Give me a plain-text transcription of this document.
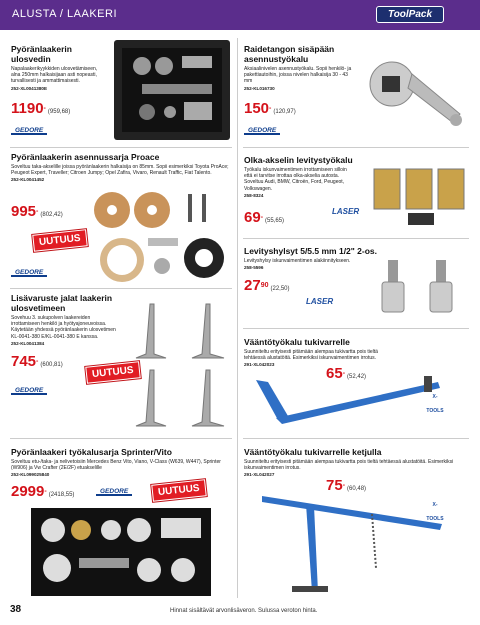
ALUSTA / LAAKERI	ToolPack
Pyöränlaakerin ulosvedin

Napalaakerikyykkiden ulosvetämiseen, alna 250mm halkaisijaan asti nopeasti, turvallisesti ja ammattimaisesti.

252-XL0041380E

1190- (959,68)
GEDORE
Raidetangon sisäpään asennustyökalu

Aksiaalinivelen asennustyökalu. Sopii henkilö- ja pakettiautoihin, joissa nivelen halkaisija 30 - 43 mm

252-KL016730

150- (120,97)
GEDORE
Pyöränlaakerin asennussarja Proace

Soveltuu taka-akselille joissa pyöränlaakerin halkaisija on 85mm. Sopii esimerkiksi Toyota ProAce; Peugeot Expert, Traveller; Citroen Jumpy; Opel Zafira, Vivaro, Renault Traffic, Fiat Talento.

252-KL0041452

995- (802,42)
UUTUUS
GEDORE
Olka-akselin levitystyökalu

Työkalu iskunvaimentimen irrottamiseen silloin että ei tarvitse irrottaa olka-akselia autosta. Soveltuu Audi, BMW, Citroën, Ford, Peugeot, Volkswagen.

258-8324

69- (55,65)
LASER
Levityshylsyt 5/5.5 mm 1/2" 2-os.

Levityshylsy iskunvaimentimen alakiinnitykseen.

258-5596

$27^{90}$ (22,50)
LASER
Lisävaruste jalat laakerin ulosvetimeen

Sovehuu 3. sukupolven laakereiden irrottamiseen henkilö ja hyötyajoneuvoissa. Käytetään yhdessä pyöränlaakerin ulosvetimen KL-0041-380 E/KL-0041-380 E kanssa.

252-KL0041384

745- (600,81)	UUTUUS
GEDORE
Vääntötyökalu tukivarrelle

Suunniteltu erityisesti pitämään alempaa tukivartta pois tieltä tehtäessä alustatöitä. Esimerkiksi iskunvaimentimen irrotus.

291-XL042023

65- (52,42)
X-TOOLS
Pyöränlaakeri työkalusarja Sprinter/Vito

Soveltuu etu-/taka- ja nelivetoisiin Mercedes Benz Vito, Viano, V-Class (W639, W447), Sprinter (W906) ja Vw Crafter (2E/2F) etuakselille

252-KL099025840

2999- (2418,55)	GEDORE	UUTUUS
Vääntötyökalu tukivarrelle ketjulla

Suunniteltu erityisesti pitämään alempaa tukivartta pois tieltä tehtäessä alustatöitä. Esimerkiksi iskunvaimentimen irrotus.

291-XL042027

75- (60,48)
X-TOOLS
38	Hinnat sisältävät arvonlisäveron. Sulussa veroton hinta.
